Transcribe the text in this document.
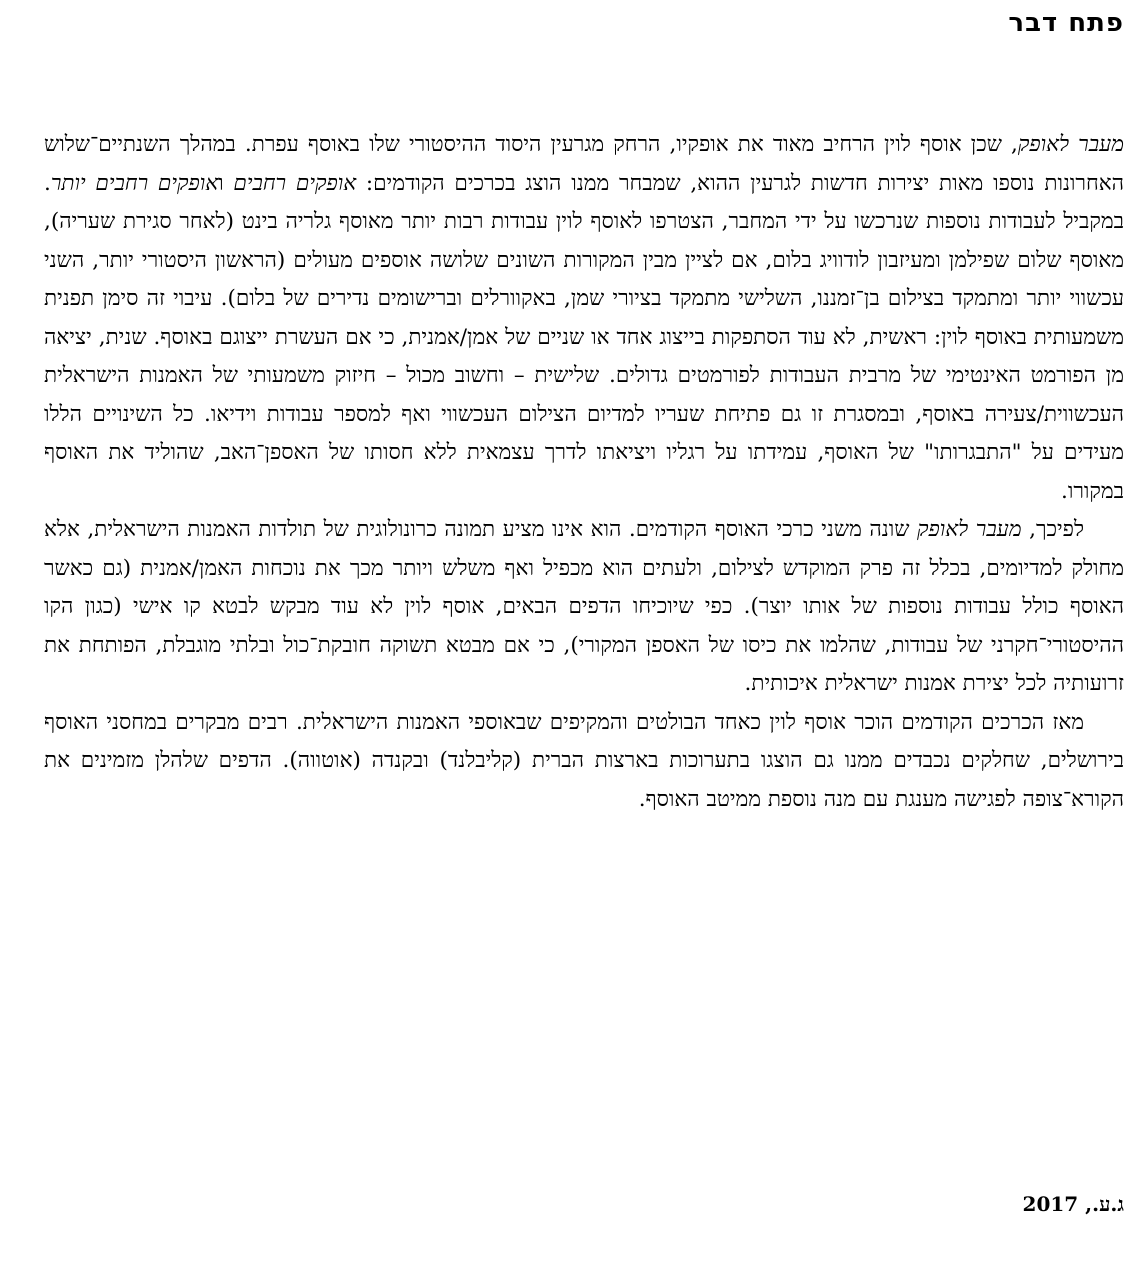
פתח דבר

מעבר לאופק, שכן אוסף לוין הרחיב מאוד את אופקיו, הרחק מגרעין היסוד ההיסטורי שלו באוסף עפרת. במהלך השנתיים־שלוש האחרונות נוספו מאות יצירות חדשות לגרעין ההוא, שמבחר ממנו הוצג בכרכים הקודמים: אופקים רחבים ואופקים רחבים יותר. במקביל לעבודות נוספות שנרכשו על ידי המחבר, הצטרפו לאוסף לוין עבודות רבות יותר מאוסף גלריה בינט (לאחר סגירת שעריה), מאוסף שלום שפילמן ומעיזבון לודוויג בלום, אם לציין מבין המקורות השונים שלושה אוספים מעולים (הראשון היסטורי יותר, השני עכשווי יותר ומתמקד בצילום בן־זמננו, השלישי מתמקד בציורי שמן, באקוורלים וברישומים נדירים של בלום). עיבוי זה סימן תפנית משמעותית באוסף לוין: ראשית, לא עוד הסתפקות בייצוג אחד או שניים של אמן/אמנית, כי אם העשרת ייצוגם באוסף. שנית, יציאה מן הפורמט האינטימי של מרבית העבודות לפורמטים גדולים. שלישית – וחשוב מכול – חיזוק משמעותי של האמנות הישראלית העכשווית/צעירה באוסף, ובמסגרת זו גם פתיחת שעריו למדיום הצילום העכשווי ואף למספר עבודות וידיאו. כל השינויים הללו מעידים על "התבגרותו" של האוסף, עמידתו על רגליו ויציאתו לדרך עצמאית ללא חסותו של האספן־האב, שהוליד את האוסף במקורו.

לפיכך, מעבר לאופק שונה משני כרכי האוסף הקודמים. הוא אינו מציע תמונה כרונולוגית של תולדות האמנות הישראלית, אלא מחולק למדיומים, בכלל זה פרק המוקדש לצילום, ולעתים הוא מכפיל ואף משלש ויותר מכך את נוכחות האמן/אמנית (גם כאשר האוסף כולל עבודות נוספות של אותו יוצר). כפי שיוכיחו הדפים הבאים, אוסף לוין לא עוד מבקש לבטא קו אישי (כגון הקו ההיסטורי־חקרני של עבודות, שהלמו את כיסו של האספן המקורי), כי אם מבטא תשוקה חובקת־כול ובלתי מוגבלת, הפותחת את זרועותיה לכל יצירת אמנות ישראלית איכותית.

מאז הכרכים הקודמים הוכר אוסף לוין כאחד הבולטים והמקיפים שבאוספי האמנות הישראלית. רבים מבקרים במחסני האוסף בירושלים, שחלקים נכבדים ממנו גם הוצגו בתערוכות בארצות הברית (קליבלנד) ובקנדה (אוטווה). הדפים שלהלן מזמינים את הקורא־צופה לפגישה מענגת עם מנה נוספת ממיטב האוסף.

ג.ע., 2017
